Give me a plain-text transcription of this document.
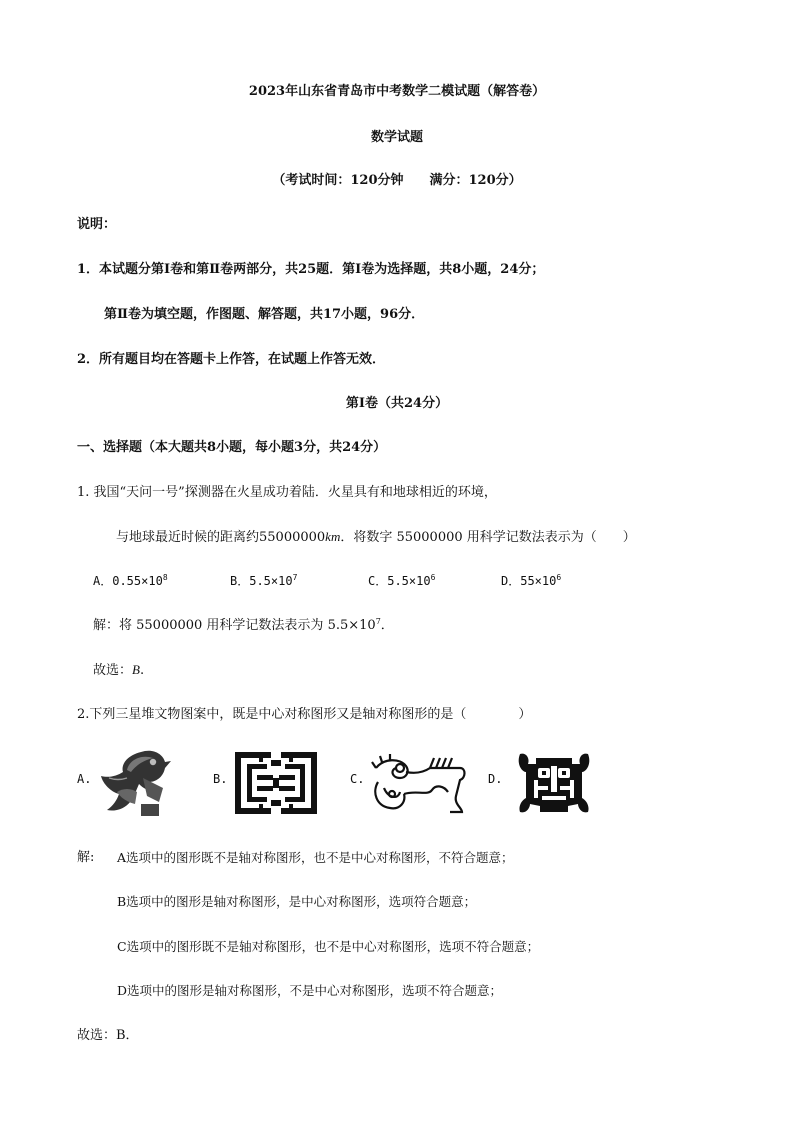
2023年山东省青岛市中考数学二模试题（解答卷）
数学试题
（考试时间：120分钟　　满分：120分）
说明：
1．本试题分第Ⅰ卷和第Ⅱ卷两部分，共25题．第Ⅰ卷为选择题，共8小题，24分；
第Ⅱ卷为填空题，作图题、解答题，共17小题，96分．
2．所有题目均在答题卡上作答，在试题上作答无效．
第Ⅰ卷（共24分）
一、选择题（本大题共8小题，每小题3分，共24分）
1. 我国“天问一号”探测器在火星成功着陆．火星具有和地球相近的环境，
与地球最近时候的距离约55000000km．将数字 55000000 用科学记数法表示为（　　）
A．$0.55\times 10^8$	B．$5.5\times 10^7$	C．$5.5\times 10^6$	D．$55\times 10^6$
解：将 55000000 用科学记数法表示为 $5.5\times 10^7$．
故选：B.
2.下列三星堆文物图案中，既是中心对称图形又是轴对称图形的是（　　　　）
A.	B.	C.	D.
解: A选项中的图形既不是轴对称图形，也不是中心对称图形，不符合题意；
B选项中的图形是轴对称图形，是中心对称图形，选项符合题意；
C选项中的图形既不是轴对称图形，也不是中心对称图形，选项不符合题意；
D选项中的图形是轴对称图形，不是中心对称图形，选项不符合题意；
故选：B．
